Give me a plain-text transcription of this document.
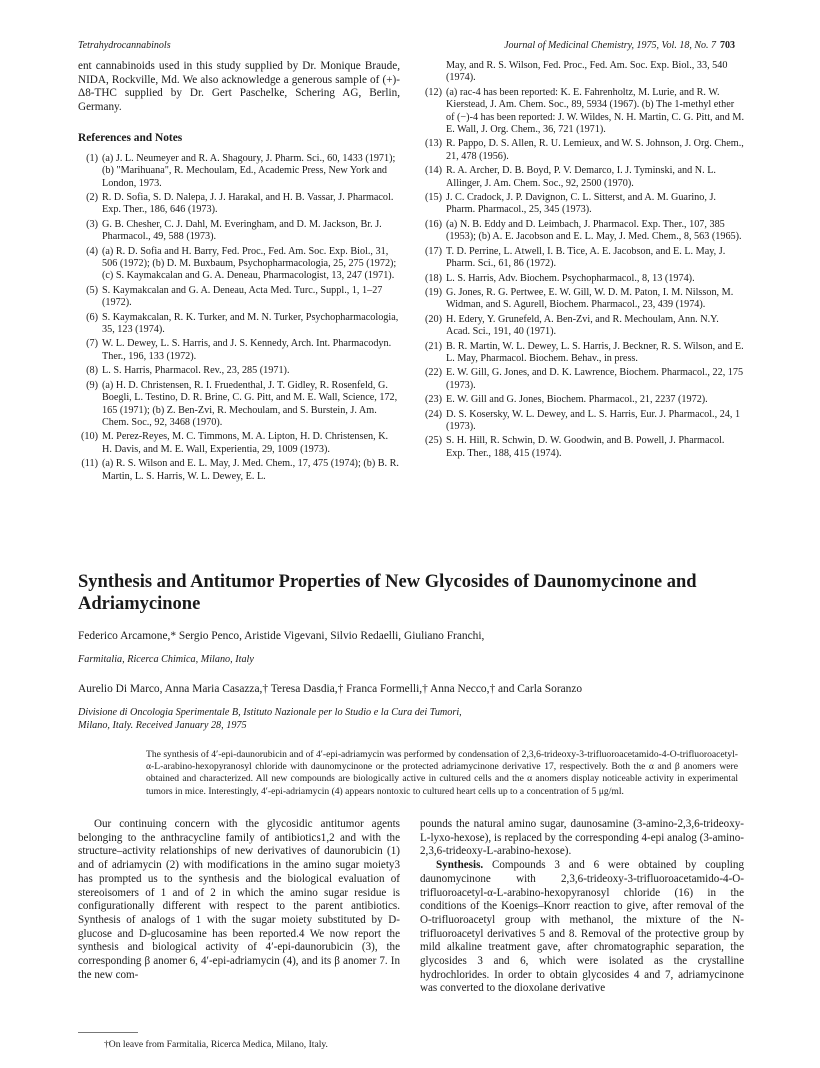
Tetrahydrocannabinols	Journal of Medicinal Chemistry, 1975, Vol. 18, No. 7 703

ent cannabinoids used in this study supplied by Dr. Monique Braude, NIDA, Rockville, Md. We also acknowledge a generous sample of (+)-Δ8-THC supplied by Dr. Gert Paschelke, Schering AG, Berlin, Germany.

References and Notes
(1) (a) J. L. Neumeyer and R. A. Shagoury, J. Pharm. Sci., 60, 1433 (1971); (b) "Marihuana", R. Mechoulam, Ed., Academic Press, New York and London, 1973.
(2) R. D. Sofia, S. D. Nalepa, J. J. Harakal, and H. B. Vassar, J. Pharmacol. Exp. Ther., 186, 646 (1973).
(3) G. B. Chesher, C. J. Dahl, M. Everingham, and D. M. Jackson, Br. J. Pharmacol., 49, 588 (1973).
(4) (a) R. D. Sofia and H. Barry, Fed. Proc., Fed. Am. Soc. Exp. Biol., 31, 506 (1972); (b) D. M. Buxbaum, Psychopharmacologia, 25, 275 (1972); (c) S. Kaymakcalan and G. A. Deneau, Pharmacologist, 13, 247 (1971).
(5) S. Kaymakcalan and G. A. Deneau, Acta Med. Turc., Suppl., 1, 1–27 (1972).
(6) S. Kaymakcalan, R. K. Turker, and M. N. Turker, Psychopharmacologia, 35, 123 (1974).
(7) W. L. Dewey, L. S. Harris, and J. S. Kennedy, Arch. Int. Pharmacodyn. Ther., 196, 133 (1972).
(8) L. S. Harris, Pharmacol. Rev., 23, 285 (1971).
(9) (a) H. D. Christensen, R. I. Fruedenthal, J. T. Gidley, R. Rosenfeld, G. Boegli, L. Testino, D. R. Brine, C. G. Pitt, and M. E. Wall, Science, 172, 165 (1971); (b) Z. Ben-Zvi, R. Mechoulam, and S. Burstein, J. Am. Chem. Soc., 92, 3468 (1970).
(10) M. Perez-Reyes, M. C. Timmons, M. A. Lipton, H. D. Christensen, K. H. Davis, and M. E. Wall, Experientia, 29, 1009 (1973).
(11) (a) R. S. Wilson and E. L. May, J. Med. Chem., 17, 475 (1974); (b) B. R. Martin, L. S. Harris, W. L. Dewey, E. L.
May, and R. S. Wilson, Fed. Proc., Fed. Am. Soc. Exp. Biol., 33, 540 (1974).
(12) (a) rac-4 has been reported: K. E. Fahrenholtz, M. Lurie, and R. W. Kierstead, J. Am. Chem. Soc., 89, 5934 (1967). (b) The 1-methyl ether of (−)-4 has been reported: J. W. Wildes, N. H. Martin, C. G. Pitt, and M. E. Wall, J. Org. Chem., 36, 721 (1971).
(13) R. Pappo, D. S. Allen, R. U. Lemieux, and W. S. Johnson, J. Org. Chem., 21, 478 (1956).
(14) R. A. Archer, D. B. Boyd, P. V. Demarco, I. J. Tyminski, and N. L. Allinger, J. Am. Chem. Soc., 92, 2500 (1970).
(15) J. C. Cradock, J. P. Davignon, C. L. Sitterst, and A. M. Guarino, J. Pharm. Pharmacol., 25, 345 (1973).
(16) (a) N. B. Eddy and D. Leimbach, J. Pharmacol. Exp. Ther., 107, 385 (1953); (b) A. E. Jacobson and E. L. May, J. Med. Chem., 8, 563 (1965).
(17) T. D. Perrine, L. Atwell, I. B. Tice, A. E. Jacobson, and E. L. May, J. Pharm. Sci., 61, 86 (1972).
(18) L. S. Harris, Adv. Biochem. Psychopharmacol., 8, 13 (1974).
(19) G. Jones, R. G. Pertwee, E. W. Gill, W. D. M. Paton, I. M. Nilsson, M. Widman, and S. Agurell, Biochem. Pharmacol., 23, 439 (1974).
(20) H. Edery, Y. Grunefeld, A. Ben-Zvi, and R. Mechoulam, Ann. N.Y. Acad. Sci., 191, 40 (1971).
(21) B. R. Martin, W. L. Dewey, L. S. Harris, J. Beckner, R. S. Wilson, and E. L. May, Pharmacol. Biochem. Behav., in press.
(22) E. W. Gill, G. Jones, and D. K. Lawrence, Biochem. Pharmacol., 22, 175 (1973).
(23) E. W. Gill and G. Jones, Biochem. Pharmacol., 21, 2237 (1972).
(24) D. S. Kosersky, W. L. Dewey, and L. S. Harris, Eur. J. Pharmacol., 24, 1 (1973).
(25) S. H. Hill, R. Schwin, D. W. Goodwin, and B. Powell, J. Pharmacol. Exp. Ther., 188, 415 (1974).
Synthesis and Antitumor Properties of New Glycosides of Daunomycinone and Adriamycinone
Federico Arcamone,* Sergio Penco, Aristide Vigevani, Silvio Redaelli, Giuliano Franchi,
Farmitalia, Ricerca Chimica, Milano, Italy
Aurelio Di Marco, Anna Maria Casazza,† Teresa Dasdia,† Franca Formelli,† Anna Necco,† and Carla Soranzo
Divisione di Oncologia Sperimentale B, Istituto Nazionale per lo Studio e la Cura dei Tumori,
Milano, Italy. Received January 28, 1975
The synthesis of 4′-epi-daunorubicin and of 4′-epi-adriamycin was performed by condensation of 2,3,6-trideoxy-3-trifluoroacetamido-4-O-trifluoroacetyl-α-L-arabino-hexopyranosyl chloride with daunomycinone or the protected adriamycinone derivative 17, respectively. Both the α and β anomers were obtained and characterized. All new compounds are biologically active in cultured cells and the α anomers display noticeable activity in experimental tumors in mice. Interestingly, 4′-epi-adriamycin (4) appears nontoxic to cultured heart cells up to a concentration of 5 μg/ml.

Our continuing concern with the glycosidic antitumor agents belonging to the anthracycline family of antibiotics1,2 and with the structure–activity relationships of new derivatives of daunorubicin (1) and of adriamycin (2) with modifications in the amino sugar moiety3 has prompted us to the synthesis and the biological evaluation of stereoisomers of 1 and of 2 in which the amino sugar residue is configurationally different with respect to the parent antibiotics. Synthesis of analogs of 1 with the sugar moiety substituted by D-glucose and D-glucosamine has been reported.4 We now report the synthesis and biological activity of 4′-epi-daunorubicin (3), the corresponding β anomer 6, 4′-epi-adriamycin (4), and its β anomer 7. In the new com-

pounds the natural amino sugar, daunosamine (3-amino-2,3,6-trideoxy-L-lyxo-hexose), is replaced by the corresponding 4-epi analog (3-amino-2,3,6-trideoxy-L-arabino-hexose).

Synthesis. Compounds 3 and 6 were obtained by coupling daunomycinone with 2,3,6-trideoxy-3-trifluoroacetamido-4-O-trifluoroacetyl-α-L-arabino-hexopyranosyl chloride (16) in the conditions of the Koenigs–Knorr reaction to give, after removal of the O-trifluoroacetyl group with methanol, the mixture of the N-trifluoroacetyl derivatives 5 and 8. Removal of the protective group by mild alkaline treatment gave, after chromatographic separation, the glycosides 3 and 6, which were isolated as the crystalline hydrochlorides. In order to obtain glycosides 4 and 7, adriamycinone was converted to the dioxolane derivative

†On leave from Farmitalia, Ricerca Medica, Milano, Italy.
